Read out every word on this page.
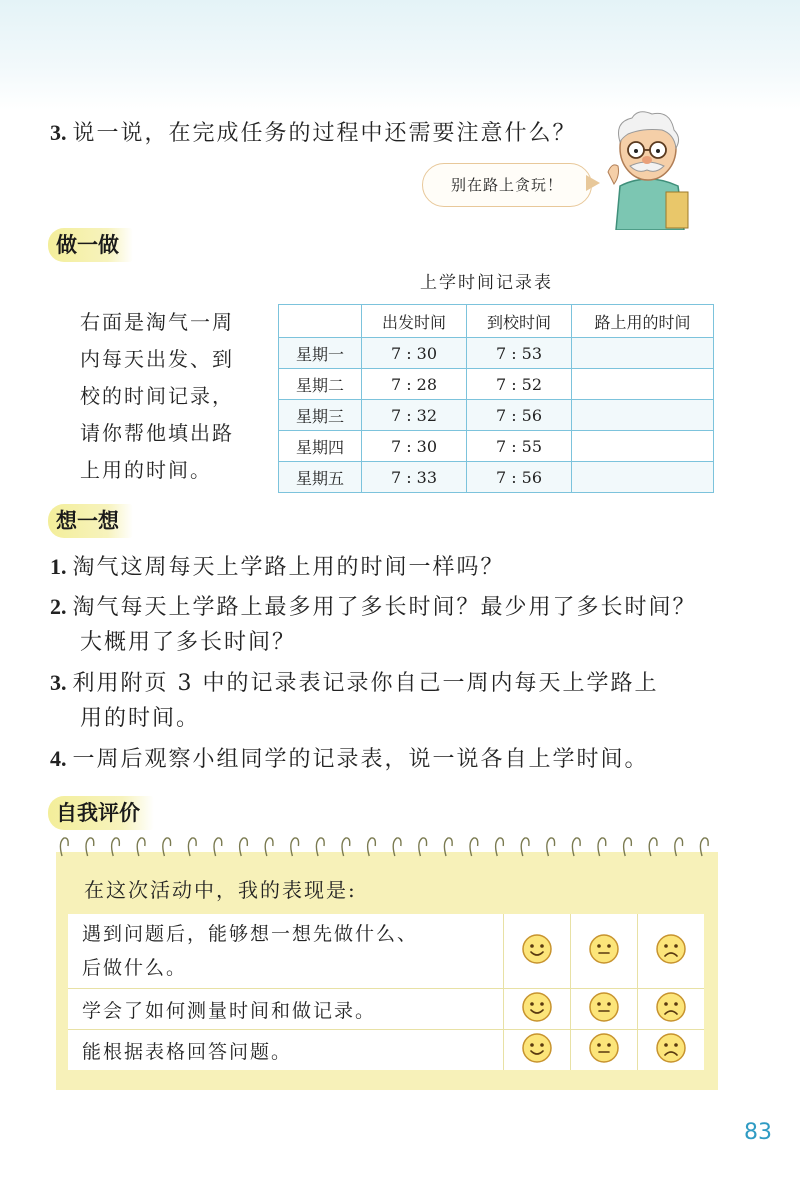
3. 说一说，在完成任务的过程中还需要注意什么？
别在路上贪玩！
做一做
上学时间记录表
右面是淘气一周
内每天出发、到
校的时间记录，
请你帮他填出路
上用的时间。
	出发时间	到校时间	路上用的时间
星期一	7 : 30	7 : 53	
星期二	7 : 28	7 : 52	
星期三	7 : 32	7 : 56	
星期四	7 : 30	7 : 55	
星期五	7 : 33	7 : 56	
想一想
1. 淘气这周每天上学路上用的时间一样吗？
2. 淘气每天上学路上最多用了多长时间？最少用了多长时间？
大概用了多长时间？
3. 利用附页 3 中的记录表记录你自己一周内每天上学路上
用的时间。
4. 一周后观察小组同学的记录表，说一说各自上学时间。
自我评价
在这次活动中，我的表现是:
遇到问题后，能够想一想先做什么、
后做什么。

学会了如何测量时间和做记录。

能根据表格回答问题。

83
